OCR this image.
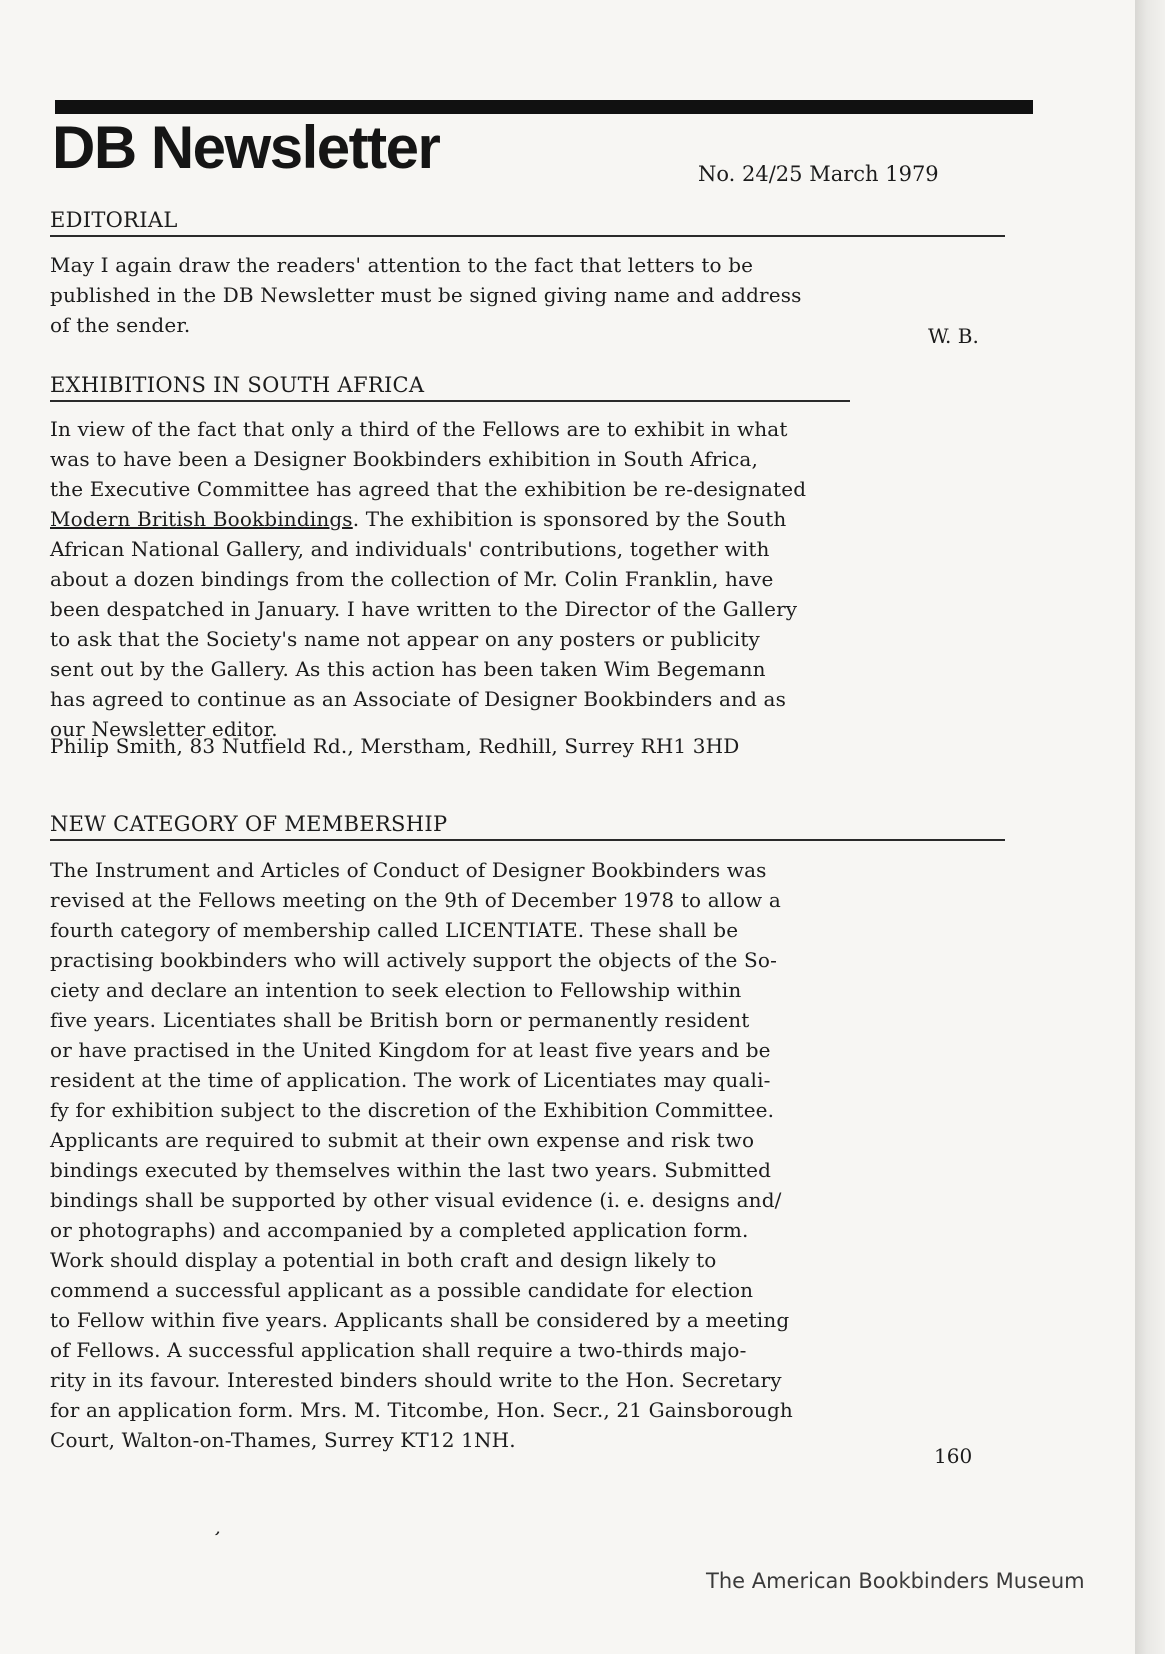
DB Newsletter	No. 24/25 March 1979
EDITORIAL
May I again draw the readers' attention to the fact that letters to be
published in the DB Newsletter must be signed giving name and address
of the sender.	W. B.
EXHIBITIONS IN SOUTH AFRICA
In view of the fact that only a third of the Fellows are to exhibit in what
was to have been a Designer Bookbinders exhibition in South Africa,
the Executive Committee has agreed that the exhibition be re-designated
Modern British Bookbindings. The exhibition is sponsored by the South
African National Gallery, and individuals' contributions, together with
about a dozen bindings from the collection of Mr. Colin Franklin, have
been despatched in January. I have written to the Director of the Gallery
to ask that the Society's name not appear on any posters or publicity
sent out by the Gallery. As this action has been taken Wim Begemann
has agreed to continue as an Associate of Designer Bookbinders and as
our Newsletter editor.
Philip Smith, 83 Nutfield Rd., Merstham, Redhill, Surrey RH1 3HD
NEW CATEGORY OF MEMBERSHIP
The Instrument and Articles of Conduct of Designer Bookbinders was
revised at the Fellows meeting on the 9th of December 1978 to allow a
fourth category of membership called LICENTIATE. These shall be
practising bookbinders who will actively support the objects of the So-
ciety and declare an intention to seek election to Fellowship within
five years. Licentiates shall be British born or permanently resident
or have practised in the United Kingdom for at least five years and be
resident at the time of application. The work of Licentiates may quali-
fy for exhibition subject to the discretion of the Exhibition Committee.
Applicants are required to submit at their own expense and risk two
bindings executed by themselves within the last two years. Submitted
bindings shall be supported by other visual evidence (i. e. designs and/
or photographs) and accompanied by a completed application form.
Work should display a potential in both craft and design likely to
commend a successful applicant as a possible candidate for election
to Fellow within five years. Applicants shall be considered by a meeting
of Fellows. A successful application shall require a two-thirds majo-
rity in its favour. Interested binders should write to the Hon. Secretary
for an application form. Mrs. M. Titcombe, Hon. Secr., 21 Gainsborough
Court, Walton-on-Thames, Surrey KT12 1NH.
160
ʼ
The American Bookbinders Museum
